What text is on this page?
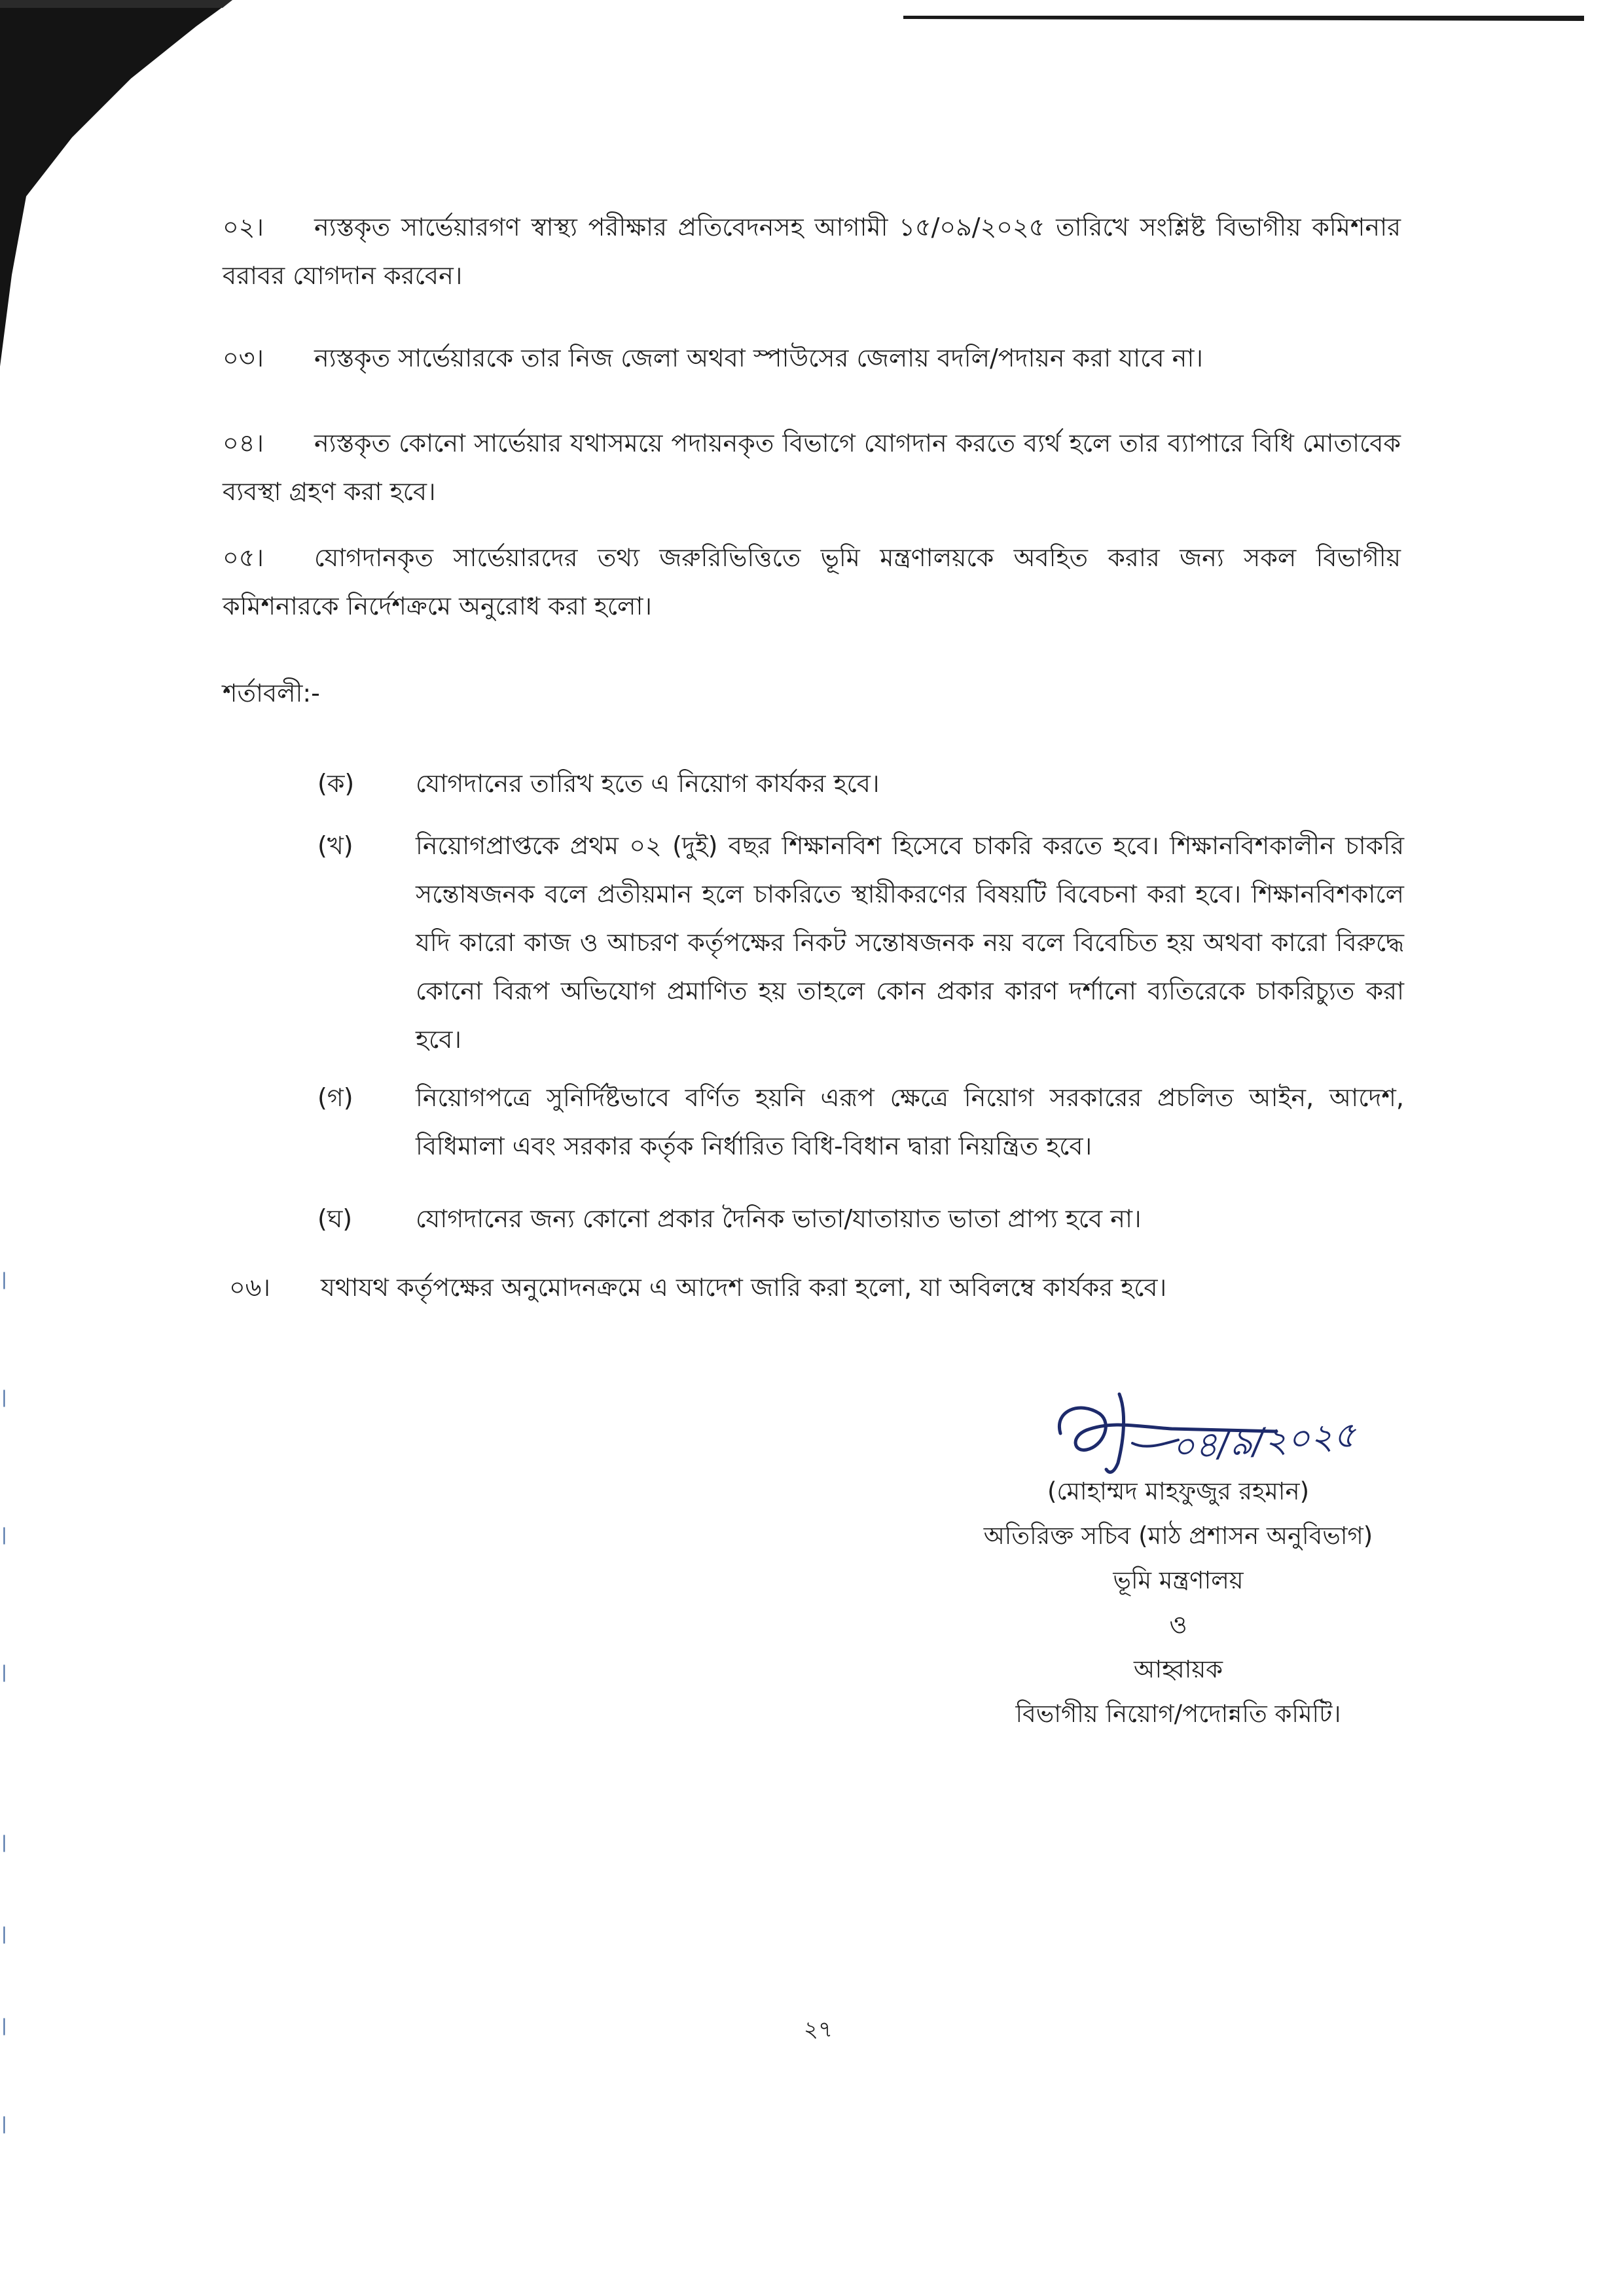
|
|
|
|
|
|
|
|
০২। ন্যস্তকৃত সার্ভেয়ারগণ স্বাস্থ্য পরীক্ষার প্রতিবেদনসহ আগামী ১৫/০৯/২০২৫ তারিখে সংশ্লিষ্ট বিভাগীয় কমিশনার বরাবর যোগদান করবেন।
০৩। ন্যস্তকৃত সার্ভেয়ারকে তার নিজ জেলা অথবা স্পাউসের জেলায় বদলি/পদায়ন করা যাবে না।
০৪। ন্যস্তকৃত কোনো সার্ভেয়ার যথাসময়ে পদায়নকৃত বিভাগে যোগদান করতে ব্যর্থ হলে তার ব্যাপারে বিধি মোতাবেক ব্যবস্থা গ্রহণ করা হবে।
০৫। যোগদানকৃত সার্ভেয়ারদের তথ্য জরুরিভিত্তিতে ভূমি মন্ত্রণালয়কে অবহিত করার জন্য সকল বিভাগীয় কমিশনারকে নির্দেশক্রমে অনুরোধ করা হলো।
শর্তাবলী:-
(ক)	যোগদানের তারিখ হতে এ নিয়োগ কার্যকর হবে।
(খ)	নিয়োগপ্রাপ্তকে প্রথম ০২ (দুই) বছর শিক্ষানবিশ হিসেবে চাকরি করতে হবে। শিক্ষানবিশকালীন চাকরি সন্তোষজনক বলে প্রতীয়মান হলে চাকরিতে স্থায়ীকরণের বিষয়টি বিবেচনা করা হবে। শিক্ষানবিশকালে যদি কারো কাজ ও আচরণ কর্তৃপক্ষের নিকট সন্তোষজনক নয় বলে বিবেচিত হয় অথবা কারো বিরুদ্ধে কোনো বিরূপ অভিযোগ প্রমাণিত হয় তাহলে কোন প্রকার কারণ দর্শানো ব্যতিরেকে চাকরিচ্যুত করা হবে।
(গ)	নিয়োগপত্রে সুনির্দিষ্টভাবে বর্ণিত হয়নি এরূপ ক্ষেত্রে নিয়োগ সরকারের প্রচলিত আইন, আদেশ, বিধিমালা এবং সরকার কর্তৃক নির্ধারিত বিধি-বিধান দ্বারা নিয়ন্ত্রিত হবে।
(ঘ)	যোগদানের জন্য কোনো প্রকার দৈনিক ভাতা/যাতায়াত ভাতা প্রাপ্য হবে না।
০৬। যথাযথ কর্তৃপক্ষের অনুমোদনক্রমে এ আদেশ জারি করা হলো, যা অবিলম্বে কার্যকর হবে।
০৪/৯/২০২৫
(মোহাম্মদ মাহফুজুর রহমান)
অতিরিক্ত সচিব (মাঠ প্রশাসন অনুবিভাগ)
ভূমি মন্ত্রণালয়
ও
আহ্বায়ক
বিভাগীয় নিয়োগ/পদোন্নতি কমিটি।
২৭
